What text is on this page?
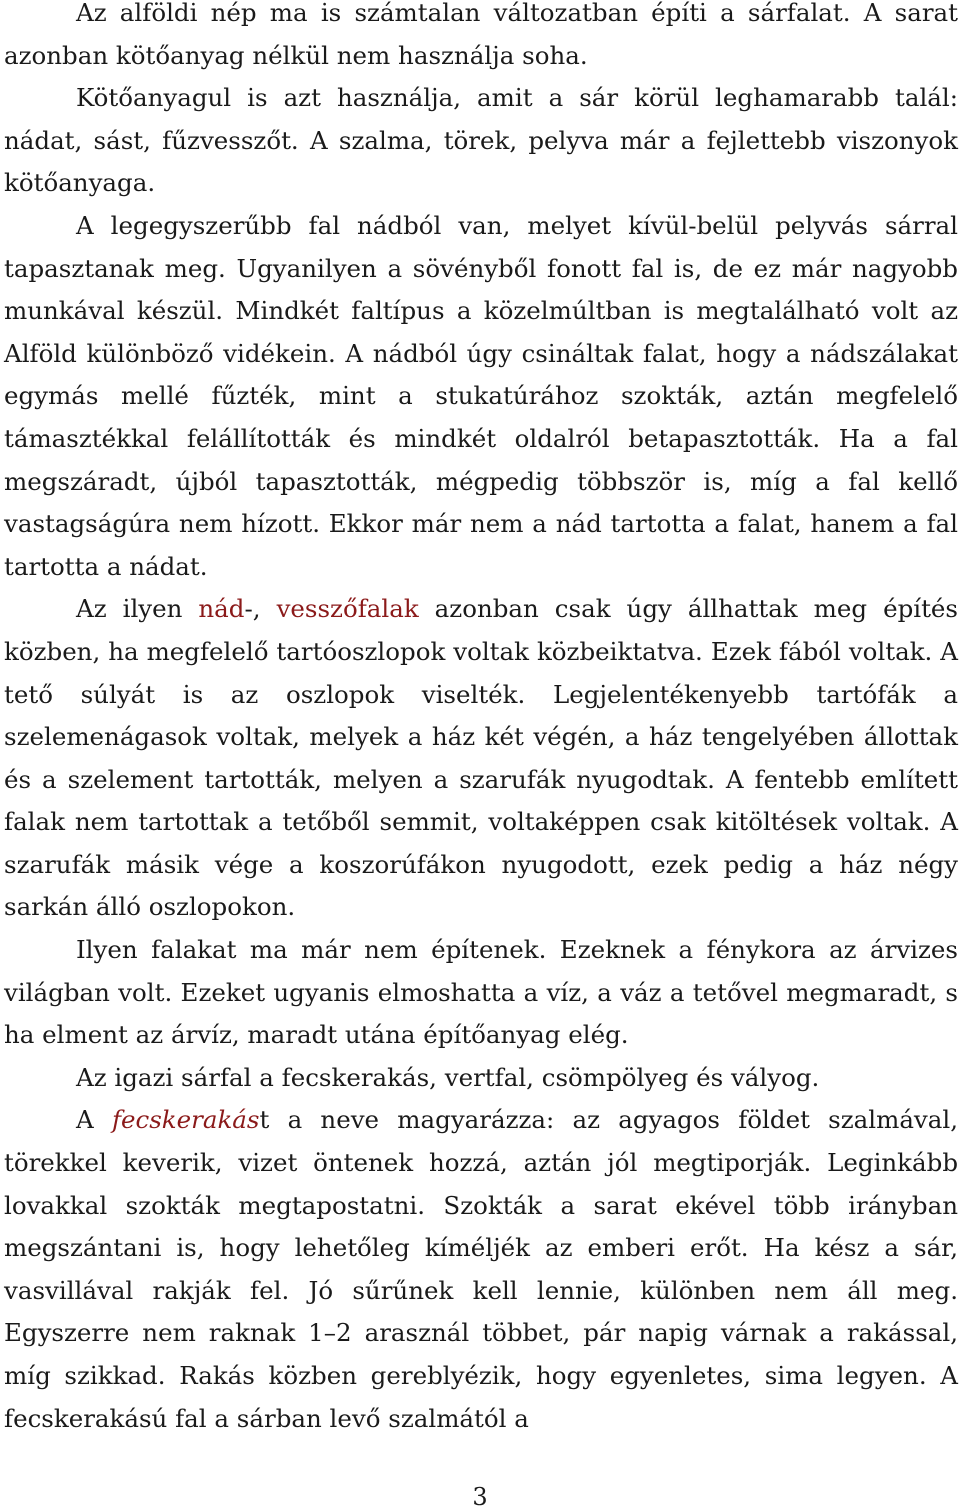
Az alföldi nép ma is számtalan változatban építi a sárfalat. A sarat azonban kötőanyag nélkül nem használja soha.

Kötőanyagul is azt használja, amit a sár körül leghamarabb talál: nádat, sást, fűzvesszőt. A szalma, törek, pelyva már a fejlettebb viszonyok kötőanyaga.

A legegyszerűbb fal nádból van, melyet kívül-belül pelyvás sárral tapasztanak meg. Ugyanilyen a sövényből fonott fal is, de ez már nagyobb munkával készül. Mindkét faltípus a közelmúltban is megtalálható volt az Alföld különböző vidékein. A nádból úgy csináltak falat, hogy a nádszálakat egymás mellé fűzték, mint a stukatúrához szokták, aztán megfelelő támasztékkal felállították és mindkét oldalról betapasztották. Ha a fal megszáradt, újból tapasztották, mégpedig többször is, míg a fal kellő vastagságúra nem hízott. Ekkor már nem a nád tartotta a falat, hanem a fal tartotta a nádat.

Az ilyen nád-, vesszőfalak azonban csak úgy állhattak meg építés közben, ha megfelelő tartóoszlopok voltak közbeiktatva. Ezek fából voltak. A tető súlyát is az oszlopok viselték. Legjelentékenyebb tartófák a szelemenágasok voltak, melyek a ház két végén, a ház tengelyében állottak és a szelement tartották, melyen a szarufák nyugodtak. A fentebb említett falak nem tartottak a tetőből semmit, voltaképpen csak kitöltések voltak. A szarufák másik vége a koszorúfákon nyugodott, ezek pedig a ház négy sarkán álló oszlopokon.

Ilyen falakat ma már nem építenek. Ezeknek a fénykora az árvizes világban volt. Ezeket ugyanis elmoshatta a víz, a váz a tetővel megmaradt, s ha elment az árvíz, maradt utána építőanyag elég.

Az igazi sárfal a fecskerakás, vertfal, csömpölyeg és vályog.

A fecskerakást a neve magyarázza: az agyagos földet szalmával, törekkel keverik, vizet öntenek hozzá, aztán jól megtiporják. Leginkább lovakkal szokták megtapostatni. Szokták a sarat ekével több irányban megszántani is, hogy lehetőleg kíméljék az emberi erőt. Ha kész a sár, vasvillával rakják fel. Jó sűrűnek kell lennie, különben nem áll meg. Egyszerre nem raknak 1–2 arasznál többet, pár napig várnak a rakással, míg szikkad. Rakás közben gereblyézik, hogy egyenletes, sima legyen. A fecskerakású fal a sárban levő szalmától a

3
